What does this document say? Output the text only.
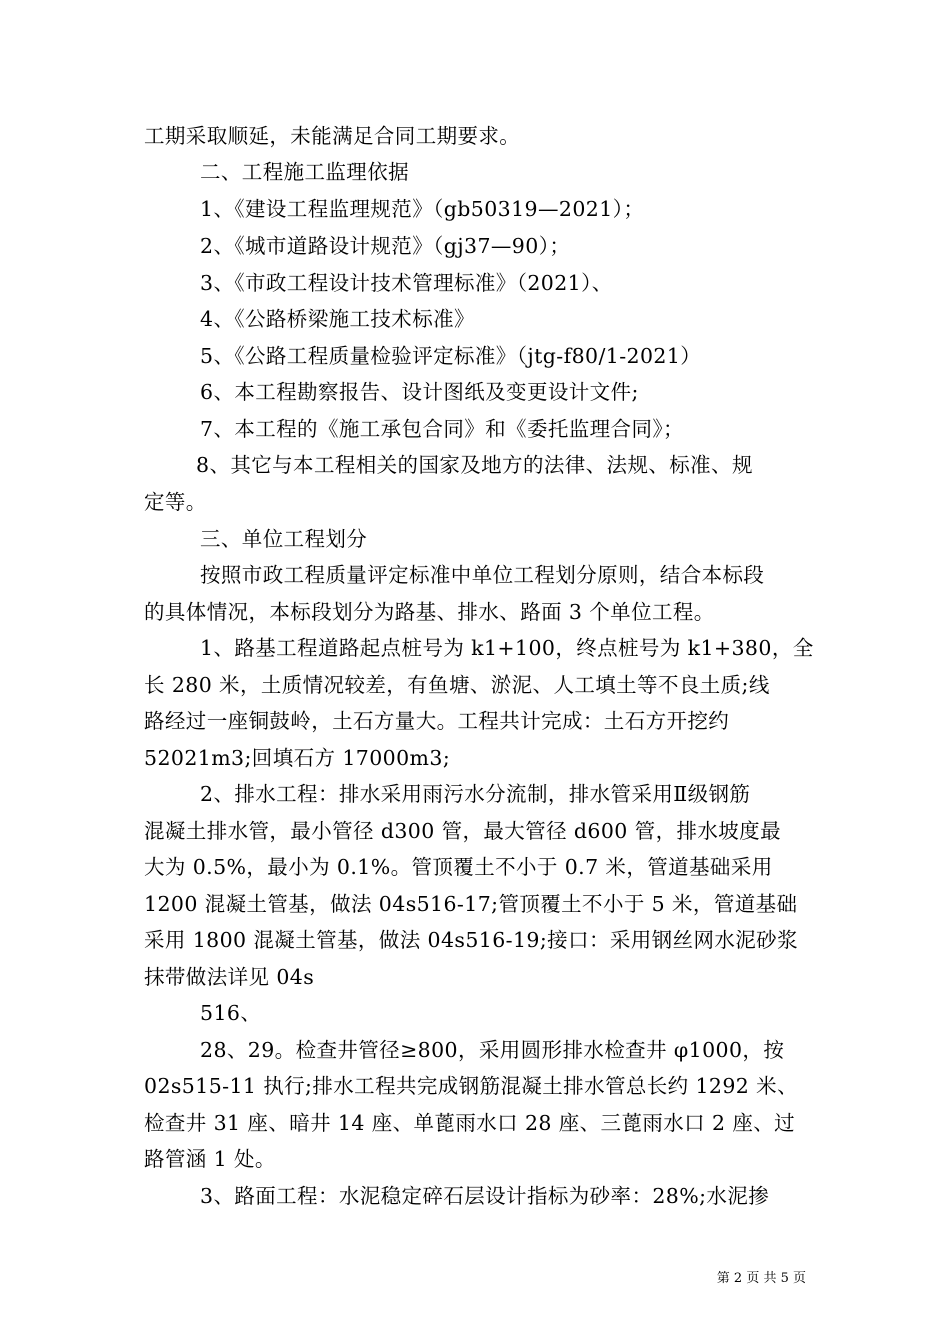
工期采取顺延，未能满足合同工期要求。
二、工程施工监理依据
1、《建设工程监理规范》（gb50319—2021）；
2、《城市道路设计规范》（gj37—90）；
3、《市政工程设计技术管理标准》（2021）、
4、《公路桥梁施工技术标准》
5、《公路工程质量检验评定标准》（jtg-f80/1-2021）
6、本工程勘察报告、设计图纸及变更设计文件;
7、本工程的《施工承包合同》和《委托监理合同》；
8、其它与本工程相关的国家及地方的法律、法规、标准、规
定等。
三、单位工程划分
按照市政工程质量评定标准中单位工程划分原则，结合本标段
的具体情况，本标段划分为路基、排水、路面 3 个单位工程。
1、路基工程道路起点桩号为 k1+100，终点桩号为 k1+380，全
长 280 米，土质情况较差，有鱼塘、淤泥、人工填土等不良土质;线
路经过一座铜鼓岭，土石方量大。工程共计完成：土石方开挖约
52021m3;回填石方 17000m3;
2、排水工程：排水采用雨污水分流制，排水管采用Ⅱ级钢筋
混凝土排水管，最小管径 d300 管，最大管径 d600 管，排水坡度最
大为 0.5%，最小为 0.1%。管顶覆土不小于 0.7 米，管道基础采用
1200 混凝土管基，做法 04s516-17;管顶覆土不小于 5 米，管道基础
采用 1800 混凝土管基，做法 04s516-19;接口：采用钢丝网水泥砂浆
抹带做法详见 04s
516、
28、29。检查井管径≥800，采用圆形排水检查井 φ1000，按
02s515-11 执行;排水工程共完成钢筋混凝土排水管总长约 1292 米、
检查井 31 座、暗井 14 座、单蓖雨水口 28 座、三蓖雨水口 2 座、过
路管涵 1 处。
3、路面工程：水泥稳定碎石层设计指标为砂率：28%;水泥掺
第 2 页 共 5 页
